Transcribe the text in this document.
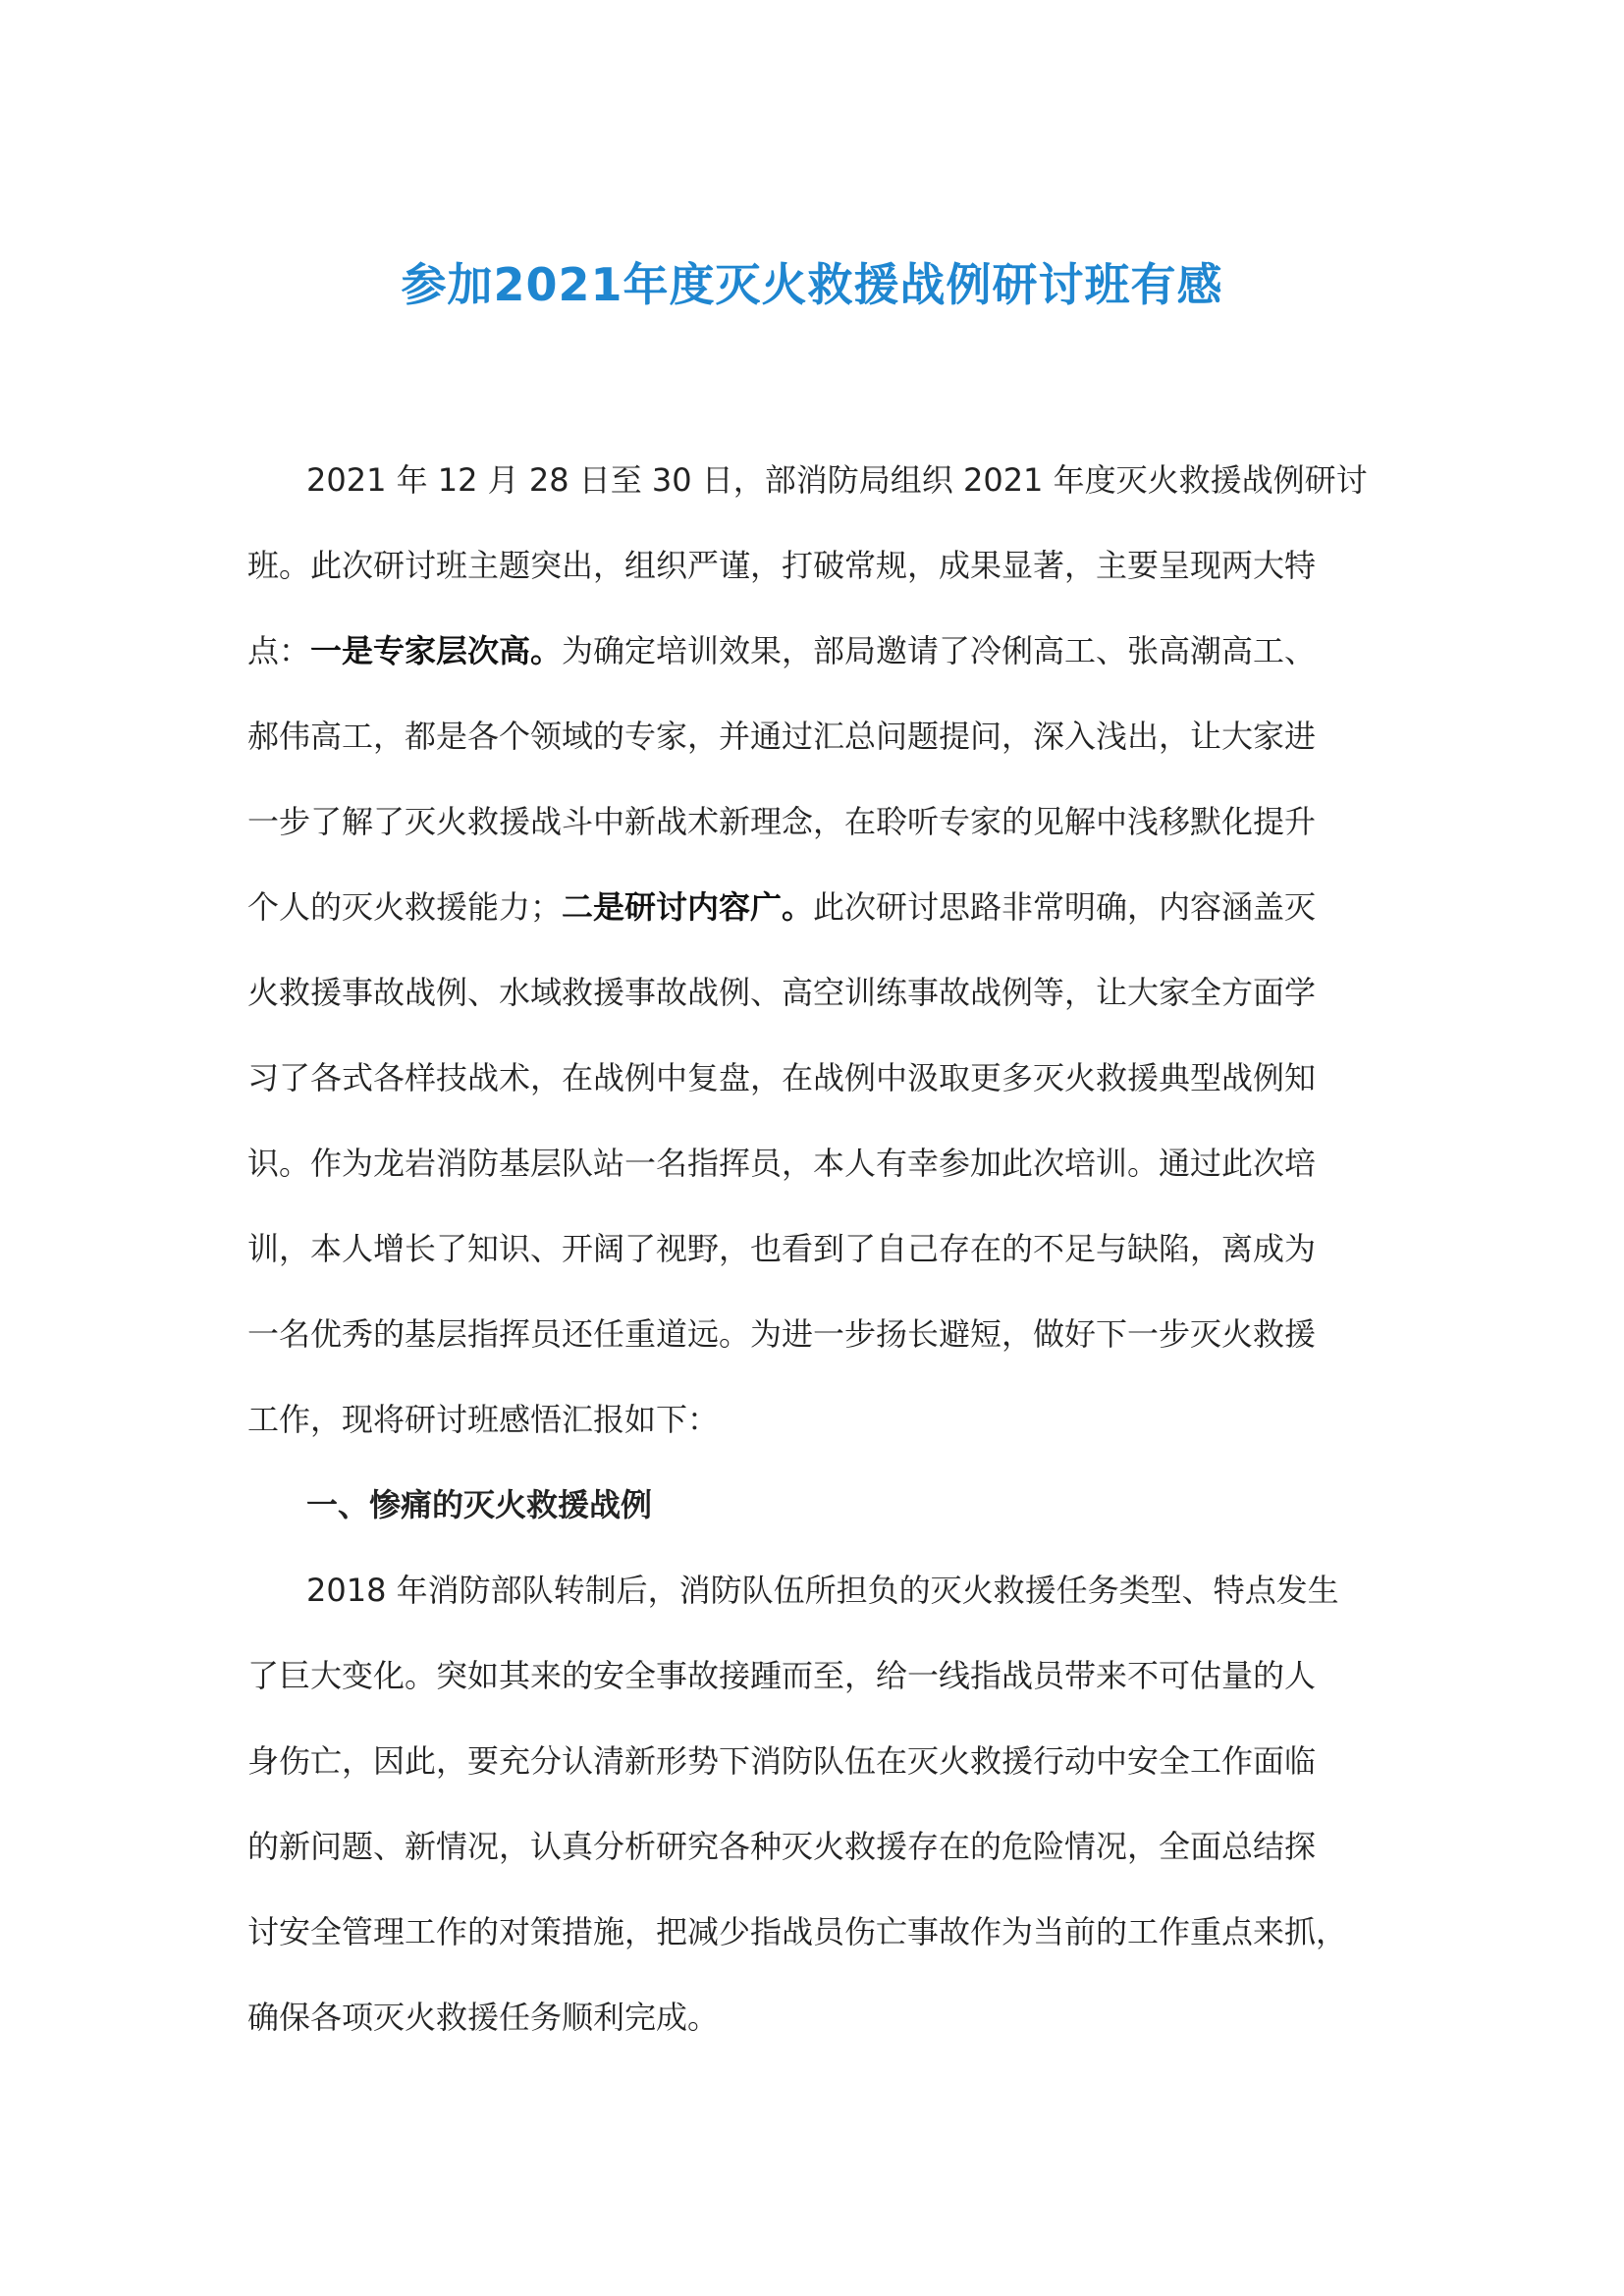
参加2021年度灭火救援战例研讨班有感
2021 年 12 月 28 日至 30 日，部消防局组织 2021 年度灭火救援战例研讨
班。此次研讨班主题突出，组织严谨，打破常规，成果显著，主要呈现两大特
点：一是专家层次高。为确定培训效果，部局邀请了冷俐高工、张高潮高工、
郝伟高工，都是各个领域的专家，并通过汇总问题提问，深入浅出，让大家进
一步了解了灭火救援战斗中新战术新理念，在聆听专家的见解中浅移默化提升
个人的灭火救援能力；二是研讨内容广。此次研讨思路非常明确，内容涵盖灭
火救援事故战例、水域救援事故战例、高空训练事故战例等，让大家全方面学
习了各式各样技战术，在战例中复盘，在战例中汲取更多灭火救援典型战例知
识。作为龙岩消防基层队站一名指挥员，本人有幸参加此次培训。通过此次培
训，本人增长了知识、开阔了视野，也看到了自己存在的不足与缺陷，离成为
一名优秀的基层指挥员还任重道远。为进一步扬长避短，做好下一步灭火救援
工作，现将研讨班感悟汇报如下：
一、惨痛的灭火救援战例
2018 年消防部队转制后，消防队伍所担负的灭火救援任务类型、特点发生
了巨大变化。突如其来的安全事故接踵而至，给一线指战员带来不可估量的人
身伤亡，因此，要充分认清新形势下消防队伍在灭火救援行动中安全工作面临
的新问题、新情况，认真分析研究各种灭火救援存在的危险情况，全面总结探
讨安全管理工作的对策措施，把减少指战员伤亡事故作为当前的工作重点来抓，
确保各项灭火救援任务顺利完成。
